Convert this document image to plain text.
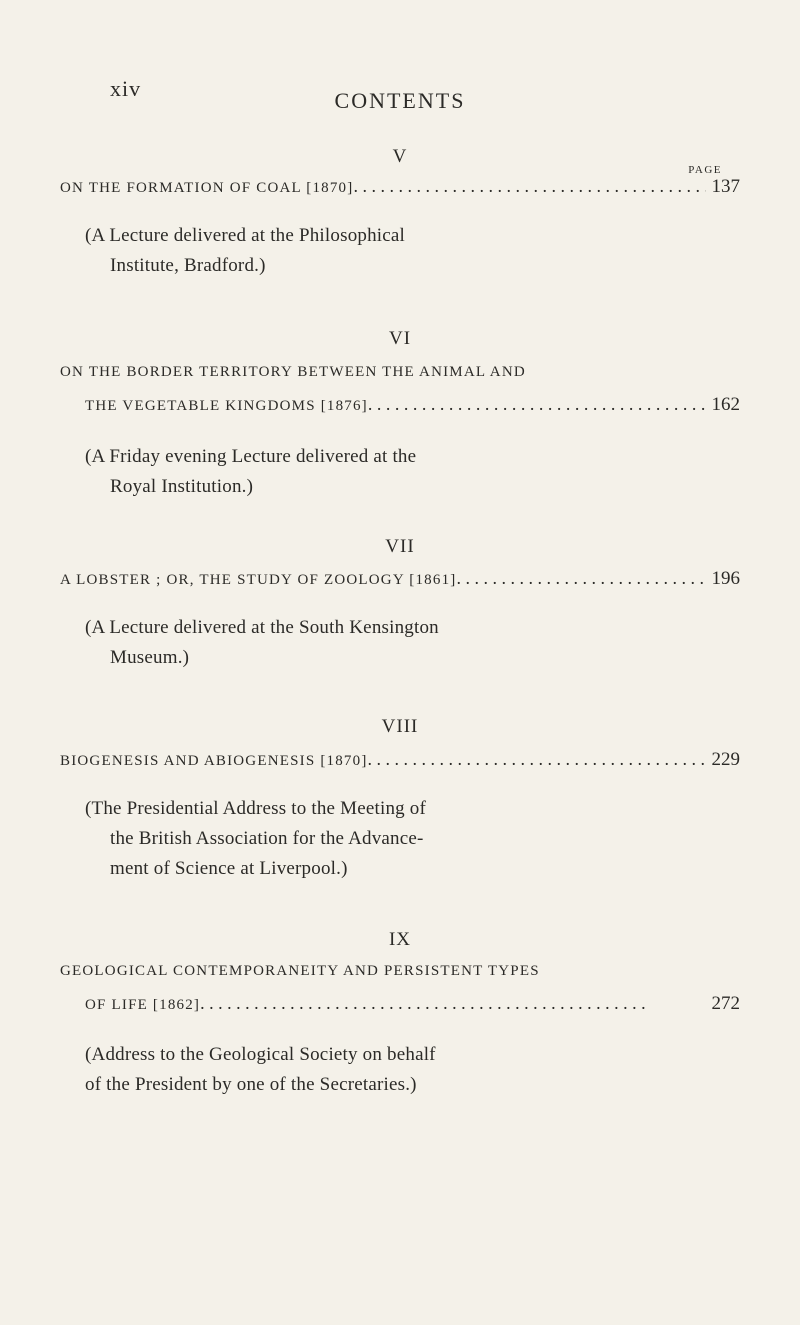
xiv	CONTENTS
PAGE
V
ON THE FORMATION OF COAL [1870] . . .	137
(A Lecture delivered at the Philosophical
Institute, Bradford.)
VI
ON THE BORDER TERRITORY BETWEEN THE ANIMAL AND
THE VEGETABLE KINGDOMS [1876] . . .	162
(A Friday evening Lecture delivered at the
Royal Institution.)
VII
A LOBSTER ; OR, THE STUDY OF ZOOLOGY [1861] . . .	196
(A Lecture delivered at the South Kensington
Museum.)
VIII
BIOGENESIS AND ABIOGENESIS [1870] . . .	229
(The Presidential Address to the Meeting of
the British Association for the Advance-
ment of Science at Liverpool.)
IX
GEOLOGICAL CONTEMPORANEITY AND PERSISTENT TYPES
OF LIFE [1862] . . .	272
(Address to the Geological Society on behalf
of the President by one of the Secretaries.)
